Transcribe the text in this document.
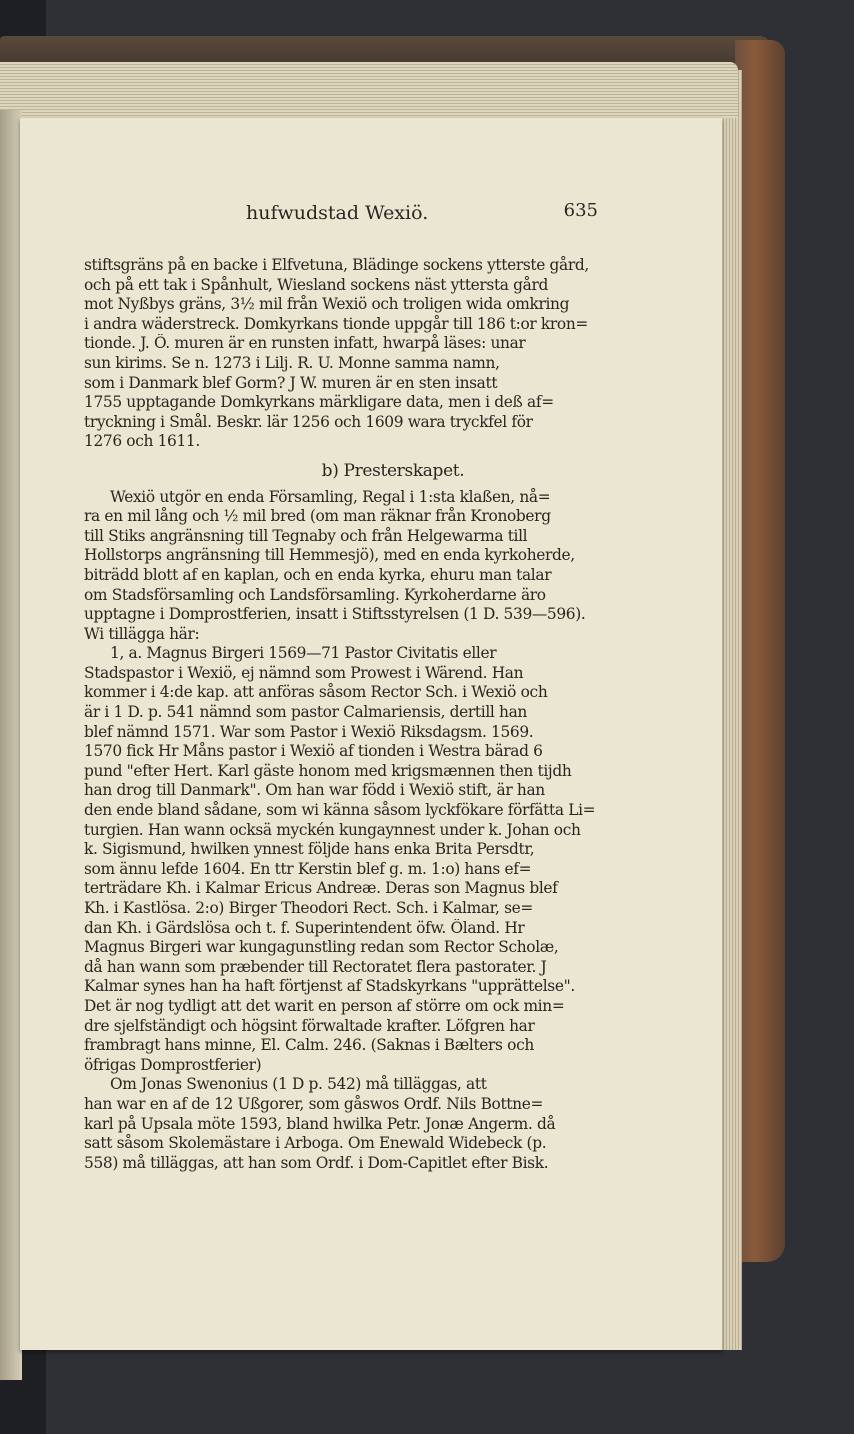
hufwudstad Wexiö.	635
stiftsgräns på en backe i Elfvetuna, Blädinge sockens ytterste gård,
och på ett tak i Spånhult, Wiesland sockens näst yttersta gård
mot Nyßbys gräns, 3½ mil från Wexiö och troligen wida omkring
i andra wäderstreck. Domkyrkans tionde uppgår till 186 t:or kron=
tionde. J. Ö. muren är en runsten infatt, hwarpå läses: unar
sun kirims. Se n. 1273 i Lilj. R. U. Monne samma namn,
som i Danmark blef Gorm? J W. muren är en sten insatt
1755 upptagande Domkyrkans märkligare data, men i deß af=
tryckning i Smål. Beskr. lär 1256 och 1609 wara tryckfel för
1276 och 1611.
b) Presterskapet.
Wexiö utgör en enda Församling, Regal i 1:sta klaßen, nå=
ra en mil lång och ½ mil bred (om man räknar från Kronoberg
till Stiks angränsning till Tegnaby och från Helgewarma till
Hollstorps angränsning till Hemmesjö), med en enda kyrkoherde,
biträdd blott af en kaplan, och en enda kyrka, ehuru man talar
om Stadsförsamling och Landsförsamling. Kyrkoherdarne äro
upptagne i Domprostferien, insatt i Stiftsstyrelsen (1 D. 539—596).
Wi tillägga här:
1, a. Magnus Birgeri 1569—71 Pastor Civitatis eller
Stadspastor i Wexiö, ej nämnd som Prowest i Wärend. Han
kommer i 4:de kap. att anföras såsom Rector Sch. i Wexiö och
är i 1 D. p. 541 nämnd som pastor Calmariensis, dertill han
blef nämnd 1571. War som Pastor i Wexiö Riksdagsm. 1569.
1570 fick Hr Måns pastor i Wexiö af tionden i Westra bärad 6
pund "efter Hert. Karl gäste honom med krigsmænnen then tijdh
han drog till Danmark". Om han war född i Wexiö stift, är han
den ende bland sådane, som wi känna såsom lyckfökare förfätta Li=
turgien. Han wann ocksä myckén kungaynnest under k. Johan och
k. Sigismund, hwilken ynnest följde hans enka Brita Persdtr,
som ännu lefde 1604. En ttr Kerstin blef g. m. 1:o) hans ef=
terträdare Kh. i Kalmar Ericus Andreæ. Deras son Magnus blef
Kh. i Kastlösa. 2:o) Birger Theodori Rect. Sch. i Kalmar, se=
dan Kh. i Gärdslösa och t. f. Superintendent öfw. Öland. Hr
Magnus Birgeri war kungagunstling redan som Rector Scholæ,
då han wann som præbender till Rectoratet flera pastorater. J
Kalmar synes han ha haft förtjenst af Stadskyrkans "upprättelse".
Det är nog tydligt att det warit en person af större om ock min=
dre sjelfständigt och högsint förwaltade krafter. Löfgren har
frambragt hans minne, El. Calm. 246. (Saknas i Bælters och
öfrigas Domprostferier)
Om Jonas Swenonius (1 D p. 542) må tilläggas, att
han war en af de 12 Ußgorer, som gåswos Ordf. Nils Bottne=
karl på Upsala möte 1593, bland hwilka Petr. Jonæ Angerm. då
satt såsom Skolemästare i Arboga. Om Enewald Widebeck (p.
558) må tilläggas, att han som Ordf. i Dom-Capitlet efter Bisk.
